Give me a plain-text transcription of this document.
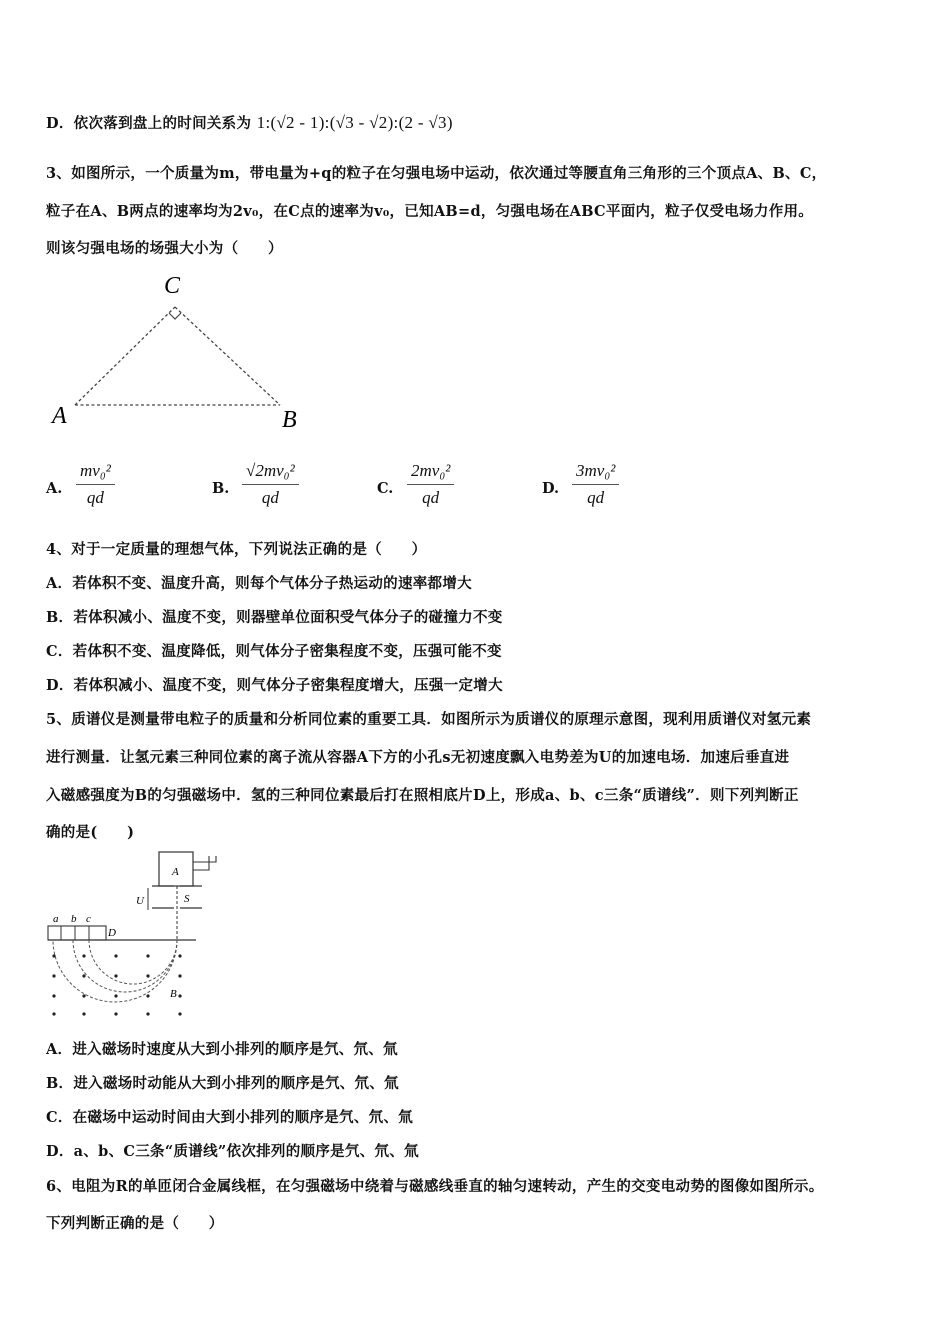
D．依次落到盘上的时间关系为 1:(√2 - 1):(√3 - √2):(2 - √3)
3、如图所示，一个质量为m，带电量为+q的粒子在匀强电场中运动，依次通过等腰直角三角形的三个顶点A、B、C，
粒子在A、B两点的速率均为2v₀，在C点的速率为v₀，已知AB=d，匀强电场在ABC平面内，粒子仅受电场力作用。
则该匀强电场的场强大小为（　　）
C
A	B
A. $\frac{\text{mv₀²}}{qd}$	B. $\frac{\text{√2mv₀²}}{qd}$	C. $\frac{\text{2mv₀²}}{qd}$	D. $\frac{\text{3mv₀²}}{qd}$
4、对于一定质量的理想气体，下列说法正确的是（　　）
A．若体积不变、温度升高，则每个气体分子热运动的速率都增大
B．若体积减小、温度不变，则器壁单位面积受气体分子的碰撞力不变
C．若体积不变、温度降低，则气体分子密集程度不变，压强可能不变
D．若体积减小、温度不变，则气体分子密集程度增大，压强一定增大
5、质谱仪是测量带电粒子的质量和分析同位素的重要工具．如图所示为质谱仪的原理示意图，现利用质谱仪对氢元素
进行测量．让氢元素三种同位素的离子流从容器A下方的小孔s无初速度飘入电势差为U的加速电场．加速后垂直进
入磁感强度为B的匀强磁场中．氢的三种同位素最后打在照相底片D上，形成a、b、c三条“质谱线”．则下列判断正
确的是(　　)
A
U	S
a b c
D
B
A．进入磁场时速度从大到小排列的顺序是氕、氘、氚
B．进入磁场时动能从大到小排列的顺序是氕、氘、氚
C．在磁场中运动时间由大到小排列的顺序是氕、氘、氚
D．a、b、C三条“质谱线”依次排列的顺序是氕、氘、氚
6、电阻为R的单匝闭合金属线框，在匀强磁场中绕着与磁感线垂直的轴匀速转动，产生的交变电动势的图像如图所示。
下列判断正确的是（　　）
